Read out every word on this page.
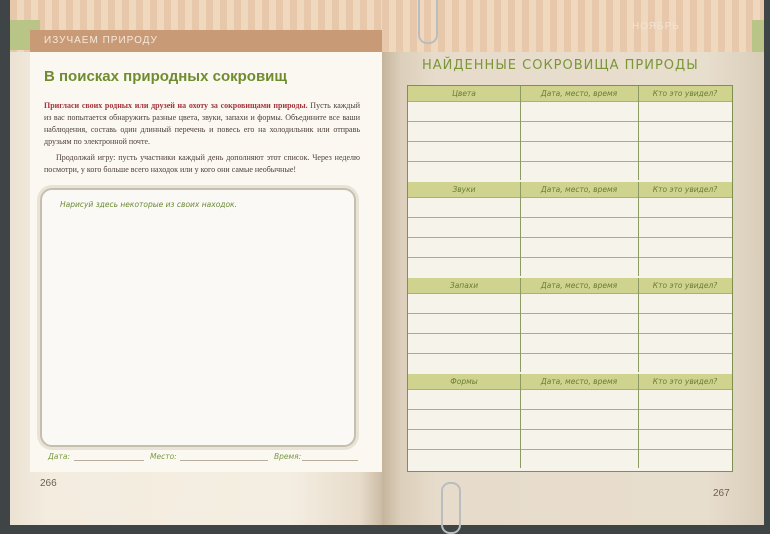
ИЗУЧАЕМ ПРИРОДУ
В поисках природных сокровищ

Пригласи своих родных или друзей на охоту за сокровищами природы. Пусть каждый из вас попытается обнаружить разные цвета, звуки, запахи и формы. Объедините все ваши наблюдения, составь один длинный перечень и повесь его на холодильник или отправь друзьям по электронной почте.

Продолжай игру: пусть участники каждый день дополняют этот список. Через неделю посмотри, у кого больше всего находок или у кого они самые необычные!

Нарисуй здесь некоторые из своих находок.
Дата:	Место:	Время:
266
НОЯБРЬ
НАЙДЕННЫЕ СОКРОВИЩА ПРИРОДЫ
Цвета	Дата, место, время	Кто это увидел?
Звуки	Дата, место, время	Кто это увидел?
Запахи	Дата, место, время	Кто это увидел?
Формы	Дата, место, время	Кто это увидел?
267
